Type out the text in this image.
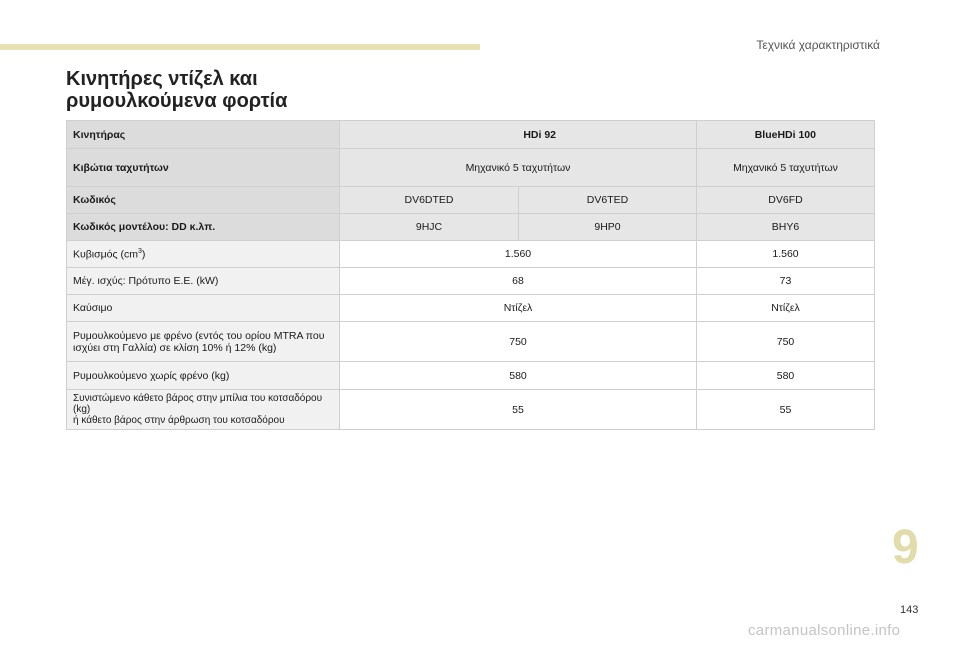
Τεχνικά χαρακτηριστικά
Κινητήρες ντίζελ και
ρυμουλκούμενα φορτία
Κινητήρας	HDi 92		BlueHDi 100
Κιβώτια ταχυτήτων	Μηχανικό 5 ταχυτήτων		Μηχανικό 5 ταχυτήτων
Κωδικός	DV6DTED	DV6TED	DV6FD
Κωδικός μοντέλου: DD κ.λπ.	9HJC	9HP0	BHY6
Κυβισμός $(cm^3)$	1.560		1.560
Μέγ. ισχύς: Πρότυπο Ε.Ε. (kW)	68		73
Καύσιμο	Ντίζελ		Ντίζελ

Ρυμουλκούμενο με φρένο (εντός του ορίου MTRA που
ισχύει στη Γαλλία) σε κλίση 10% ή 12% (kg)	750		750
Ρυμουλκούμενο χωρίς φρένο (kg)	580		580

Συνιστώμενο κάθετο βάρος στην μπίλια του κοτσαδόρου (kg)
ή κάθετο βάρος στην άρθρωση του κοτσαδόρου	55		55
9
143
carmanualsonline.info
